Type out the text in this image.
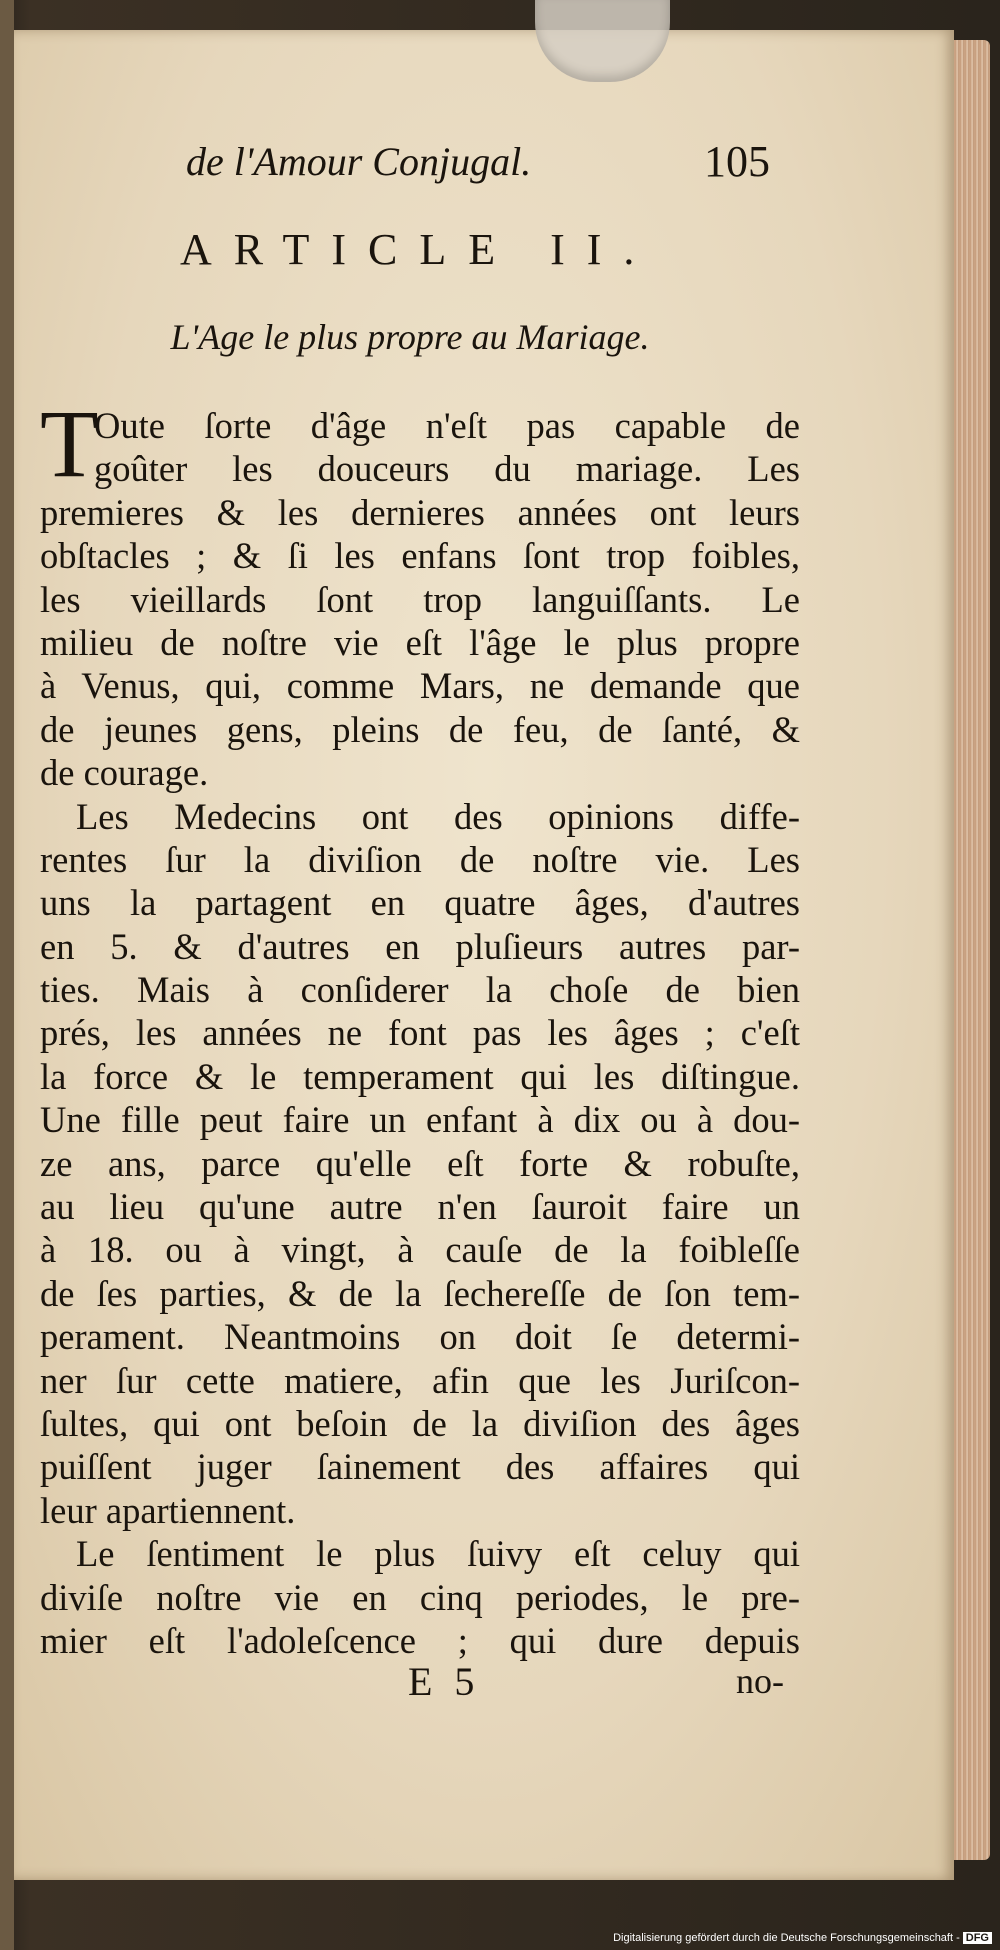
de l'Amour Conjugal.	105
ARTICLE II.
L'Age le plus propre au Mariage.
T
Oute ſorte d'âge n'eſt pas capable de
goûter les douceurs du mariage. Les
premieres & les dernieres années ont leurs
obſtacles ; & ſi les enfans ſont trop foibles,
les vieillards ſont trop languiſſants. Le
milieu de noſtre vie eſt l'âge le plus propre
à Venus, qui, comme Mars, ne demande que
de jeunes gens, pleins de feu, de ſanté, &
de courage.
Les Medecins ont des opinions diffe-
rentes ſur la diviſion de noſtre vie. Les
uns la partagent en quatre âges, d'autres
en 5. & d'autres en pluſieurs autres par-
ties. Mais à conſiderer la choſe de bien
prés, les années ne font pas les âges ; c'eſt
la force & le temperament qui les diſtingue.
Une fille peut faire un enfant à dix ou à dou-
ze ans, parce qu'elle eſt forte & robuſte,
au lieu qu'une autre n'en ſauroit faire un
à 18. ou à vingt, à cauſe de la foibleſſe
de ſes parties, & de la ſechereſſe de ſon tem-
perament. Neantmoins on doit ſe determi-
ner ſur cette matiere, afin que les Juriſcon-
ſultes, qui ont beſoin de la diviſion des âges
puiſſent juger ſainement des affaires qui
leur apartiennent.
Le ſentiment le plus ſuivy eſt celuy qui
diviſe noſtre vie en cinq periodes, le pre-
mier eſt l'adoleſcence ; qui dure depuis
E 5	no-
Digitalisierung gefördert durch die Deutsche Forschungsgemeinschaft - DFG
